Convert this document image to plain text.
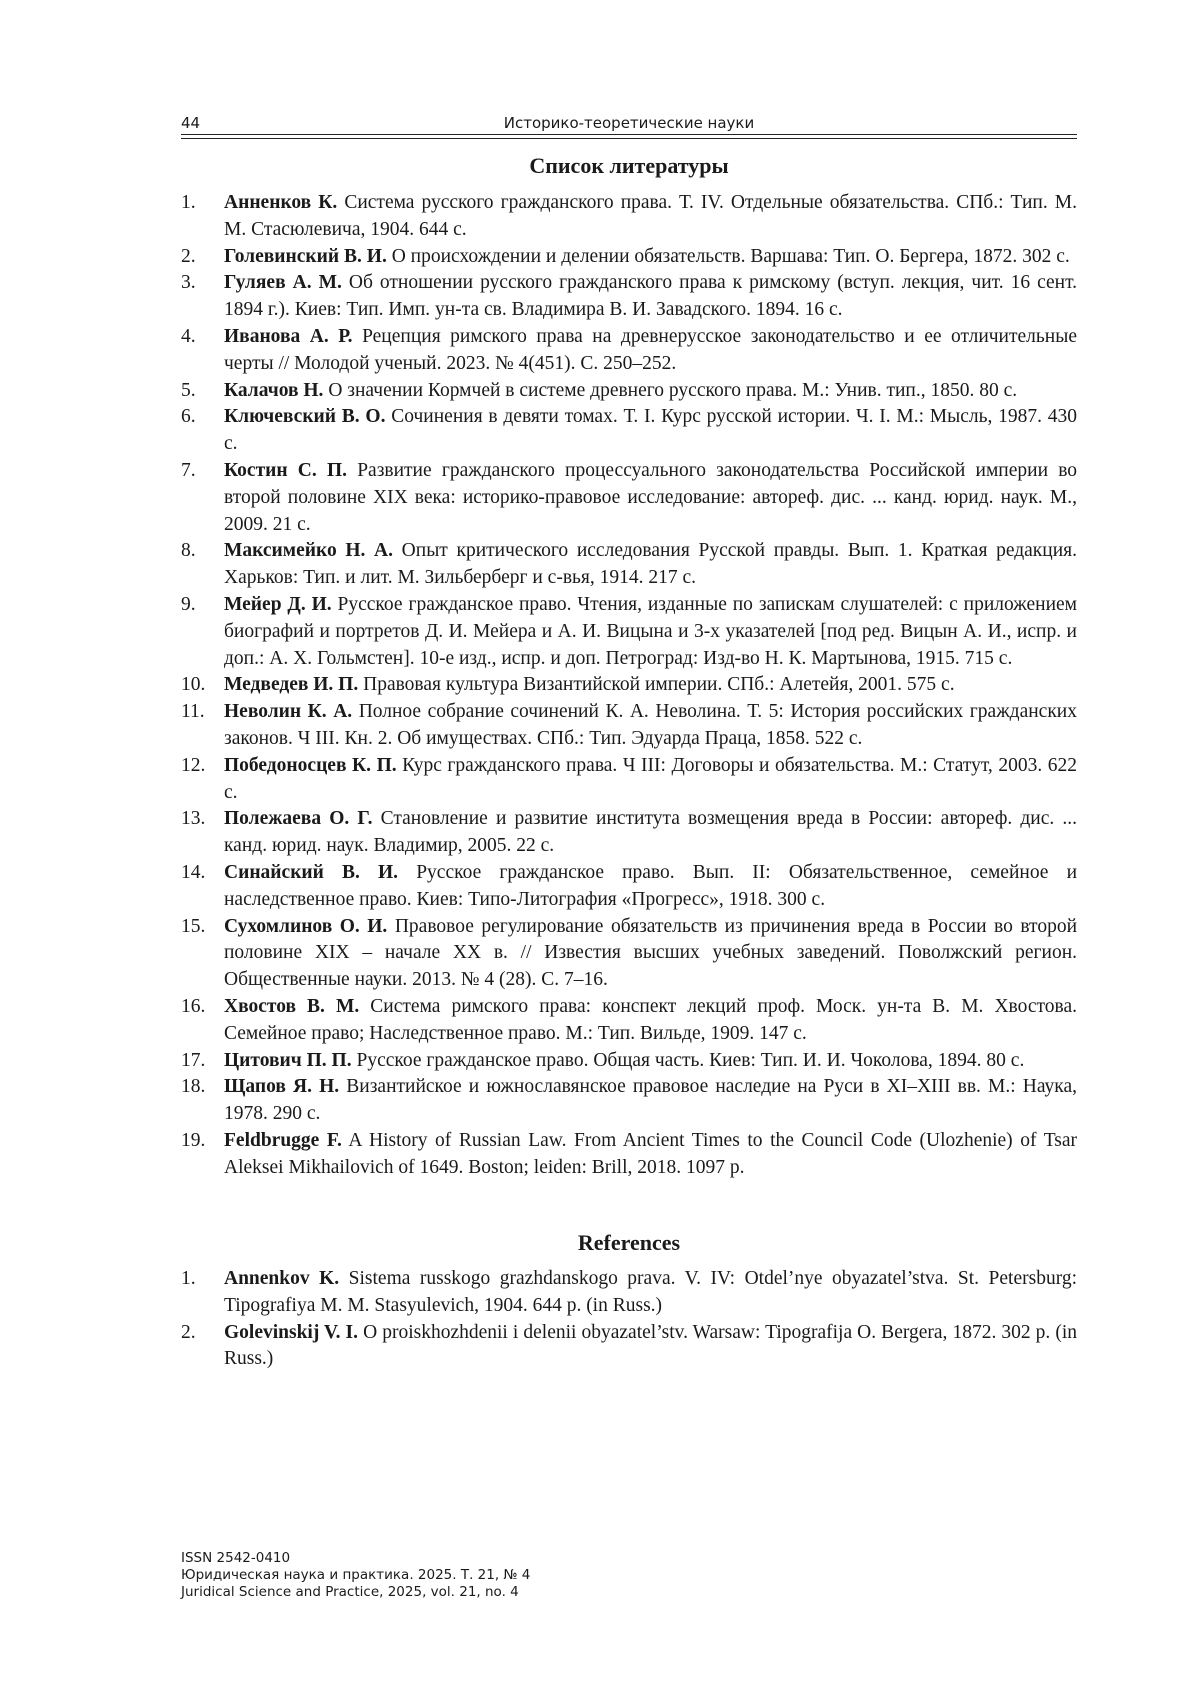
44	Историко-теоретические науки
Список литературы
1. Анненков К. Система русского гражданского права. Т. IV. Отдельные обязательства. СПб.: Тип. М. М. Стасюлевича, 1904. 644 с.
2. Голевинский В. И. О происхождении и делении обязательств. Варшава: Тип. О. Бергера, 1872. 302 с.
3. Гуляев А. М. Об отношении русского гражданского права к римскому (вступ. лекция, чит. 16 сент. 1894 г.). Киев: Тип. Имп. ун-та св. Владимира В. И. Завадского. 1894. 16 с.
4. Иванова А. Р. Рецепция римского права на древнерусское законодательство и ее отличительные черты // Молодой ученый. 2023. № 4(451). С. 250–252.
5. Калачов Н. О значении Кормчей в системе древнего русского права. М.: Унив. тип., 1850. 80 с.
6. Ключевский В. О. Сочинения в девяти томах. Т. I. Курс русской истории. Ч. I. М.: Мысль, 1987. 430 с.
7. Костин С. П. Развитие гражданского процессуального законодательства Российской империи во второй половине XIX века: историко-правовое исследование: автореф. дис. ... канд. юрид. наук. М., 2009. 21 с.
8. Максимейко Н. А. Опыт критического исследования Русской правды. Вып. 1. Краткая редакция. Харьков: Тип. и лит. М. Зильберберг и с-вья, 1914. 217 с.
9. Мейер Д. И. Русское гражданское право. Чтения, изданные по запискам слушателей: с приложением биографий и портретов Д. И. Мейера и А. И. Вицына и 3-х указателей [под ред. Вицын А. И., испр. и доп.: А. Х. Гольмстен]. 10-е изд., испр. и доп. Петроград: Изд-во Н. К. Мартынова, 1915. 715 с.
10. Медведев И. П. Правовая культура Византийской империи. СПб.: Алетейя, 2001. 575 с.
11. Неволин К. А. Полное собрание сочинений К. А. Неволина. Т. 5: История российских гражданских законов. Ч III. Кн. 2. Об имуществах. СПб.: Тип. Эдуарда Праца, 1858. 522 с.
12. Победоносцев К. П. Курс гражданского права. Ч III: Договоры и обязательства. М.: Статут, 2003. 622 с.
13. Полежаева О. Г. Становление и развитие института возмещения вреда в России: автореф. дис. ... канд. юрид. наук. Владимир, 2005. 22 с.
14. Синайский В. И. Русское гражданское право. Вып. II: Обязательственное, семейное и наследственное право. Киев: Типо-Литография «Прогресс», 1918. 300 с.
15. Сухомлинов О. И. Правовое регулирование обязательств из причинения вреда в России во второй половине XIX – начале XX в. // Известия высших учебных заведений. Поволжский регион. Общественные науки. 2013. № 4 (28). С. 7–16.
16. Хвостов В. М. Система римского права: конспект лекций проф. Моск. ун-та В. М. Хвостова. Семейное право; Наследственное право. М.: Тип. Вильде, 1909. 147 с.
17. Цитович П. П. Русское гражданское право. Общая часть. Киев: Тип. И. И. Чоколова, 1894. 80 с.
18. Щапов Я. Н. Византийское и южнославянское правовое наследие на Руси в XI–XIII вв. М.: Наука, 1978. 290 с.
19. Feldbrugge F. A History of Russian Law. From Ancient Times to the Council Code (Ulozhenie) of Tsar Aleksei Mikhailovich of 1649. Boston; leiden: Brill, 2018. 1097 p.
References
1. Annenkov K. Sistema russkogo grazhdanskogo prava. V. IV: Otdel’nye obyazatel’stva. St. Petersburg: Tipografiya M. M. Stasyulevich, 1904. 644 p. (in Russ.)
2. Golevinskij V. I. O proiskhozhdenii i delenii obyazatel’stv. Warsaw: Tipografija O. Bergera, 1872. 302 p. (in Russ.)
ISSN 2542-0410
Юридическая наука и практика. 2025. Т. 21, № 4
Juridical Science and Practice, 2025, vol. 21, no. 4
